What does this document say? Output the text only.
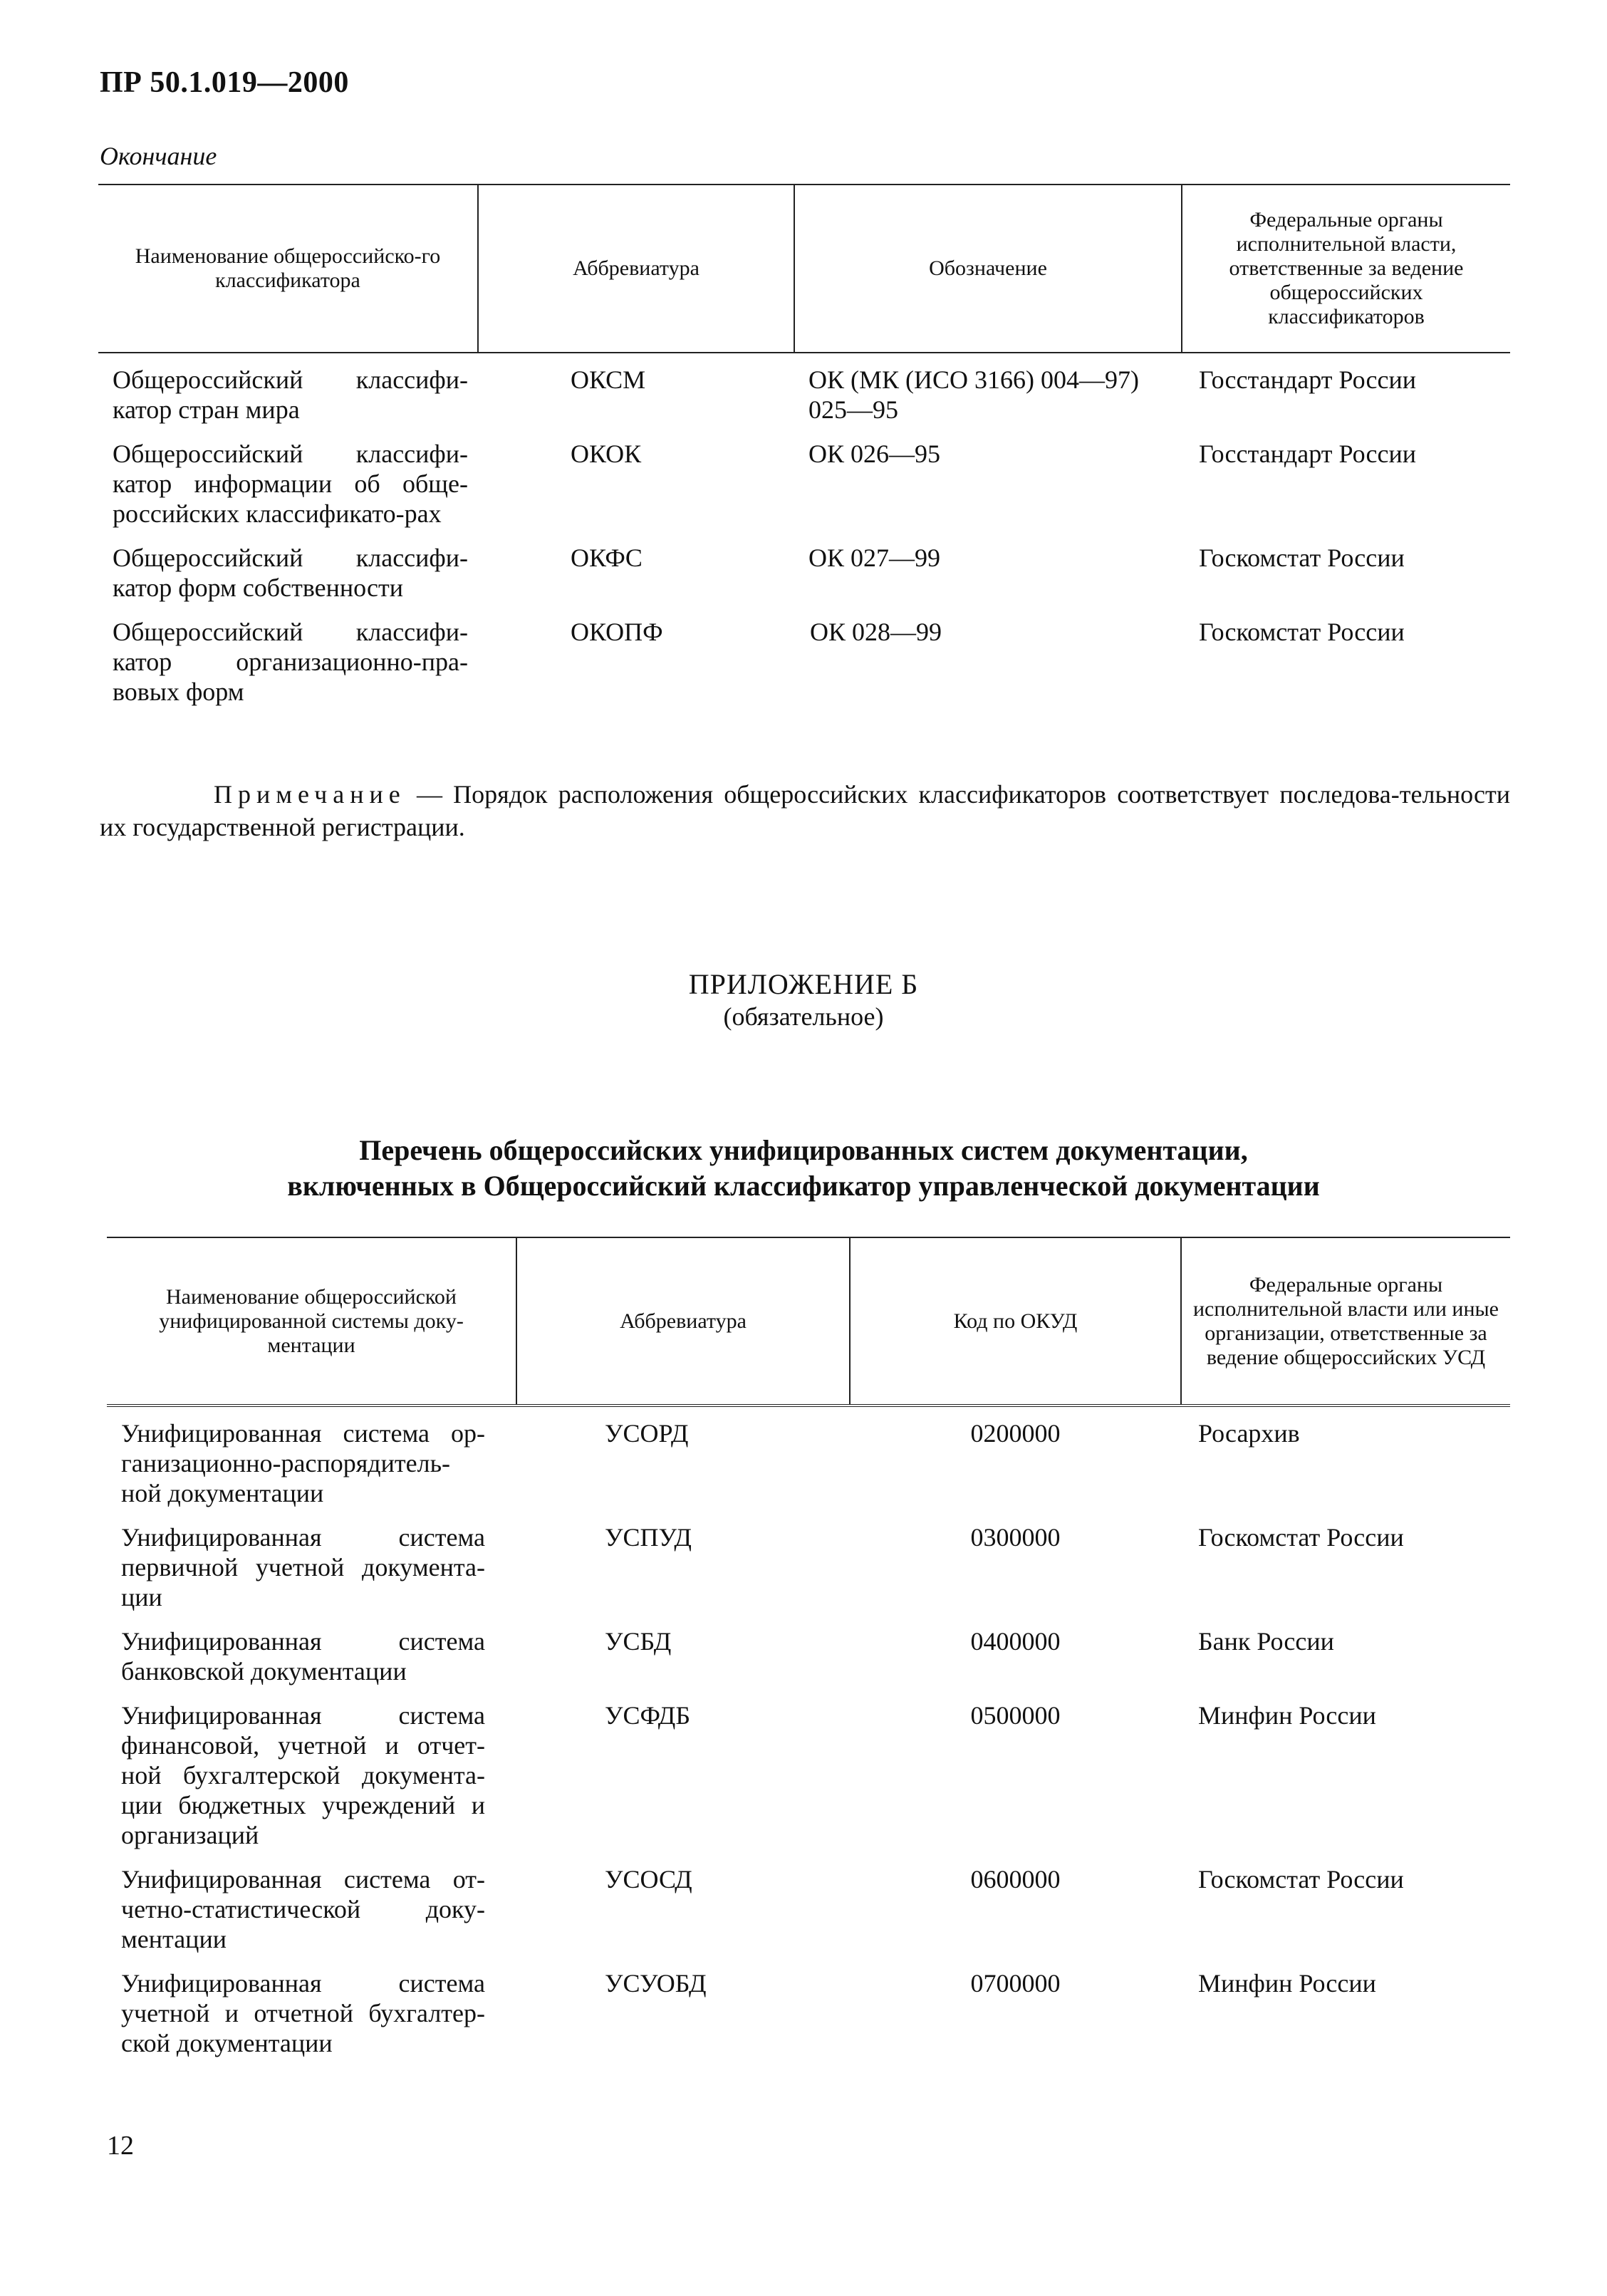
ПР 50.1.019—2000
Окончание
Наименование общероссийско-го классификатора	Аббревиатура	Обозначение	Федеральные органы исполнительной власти, ответственные за ведение общероссийских классификаторов
Общероссийский классифи-катор стран мира	ОКСМ	ОК (МК (ИСО 3166) 004—97) 025—95	Госстандарт России
Общероссийский классифи-катор информации об обще-российских классификато-рах	ОКОК	ОК 026—95	Госстандарт России
Общероссийский классифи-катор форм собственности	ОКФС	ОК 027—99	Госкомстат России
Общероссийский классифи-катор организационно-пра-вовых форм	ОКОПФ	ОК 028—99	Госкомстат России
Примечание — Порядок расположения общероссийских классификаторов соответствует последова-тельности их государственной регистрации.
ПРИЛОЖЕНИЕ Б
(обязательное)
Перечень общероссийских унифицированных систем документации,
включенных в Общероссийский классификатор управленческой документации
Наименование общероссийской унифицированной системы доку-ментации	Аббревиатура	Код по ОКУД	Федеральные органы исполнительной власти или иные организации, ответственные за ведение общероссийских УСД
Унифицированная система ор-ганизационно-распорядитель-ной документации	УСОРД	0200000	Росархив
Унифицированная система первичной учетной документа-ции	УСПУД	0300000	Госкомстат России
Унифицированная система банковской документации	УСБД	0400000	Банк России
Унифицированная система финансовой, учетной и отчет-ной бухгалтерской документа-ции бюджетных учреждений и организаций	УСФДБ	0500000	Минфин России
Унифицированная система от-четно-статистической доку-ментации	УСОСД	0600000	Госкомстат России
Унифицированная система учетной и отчетной бухгалтер-ской документации	УСУОБД	0700000	Минфин России
12
